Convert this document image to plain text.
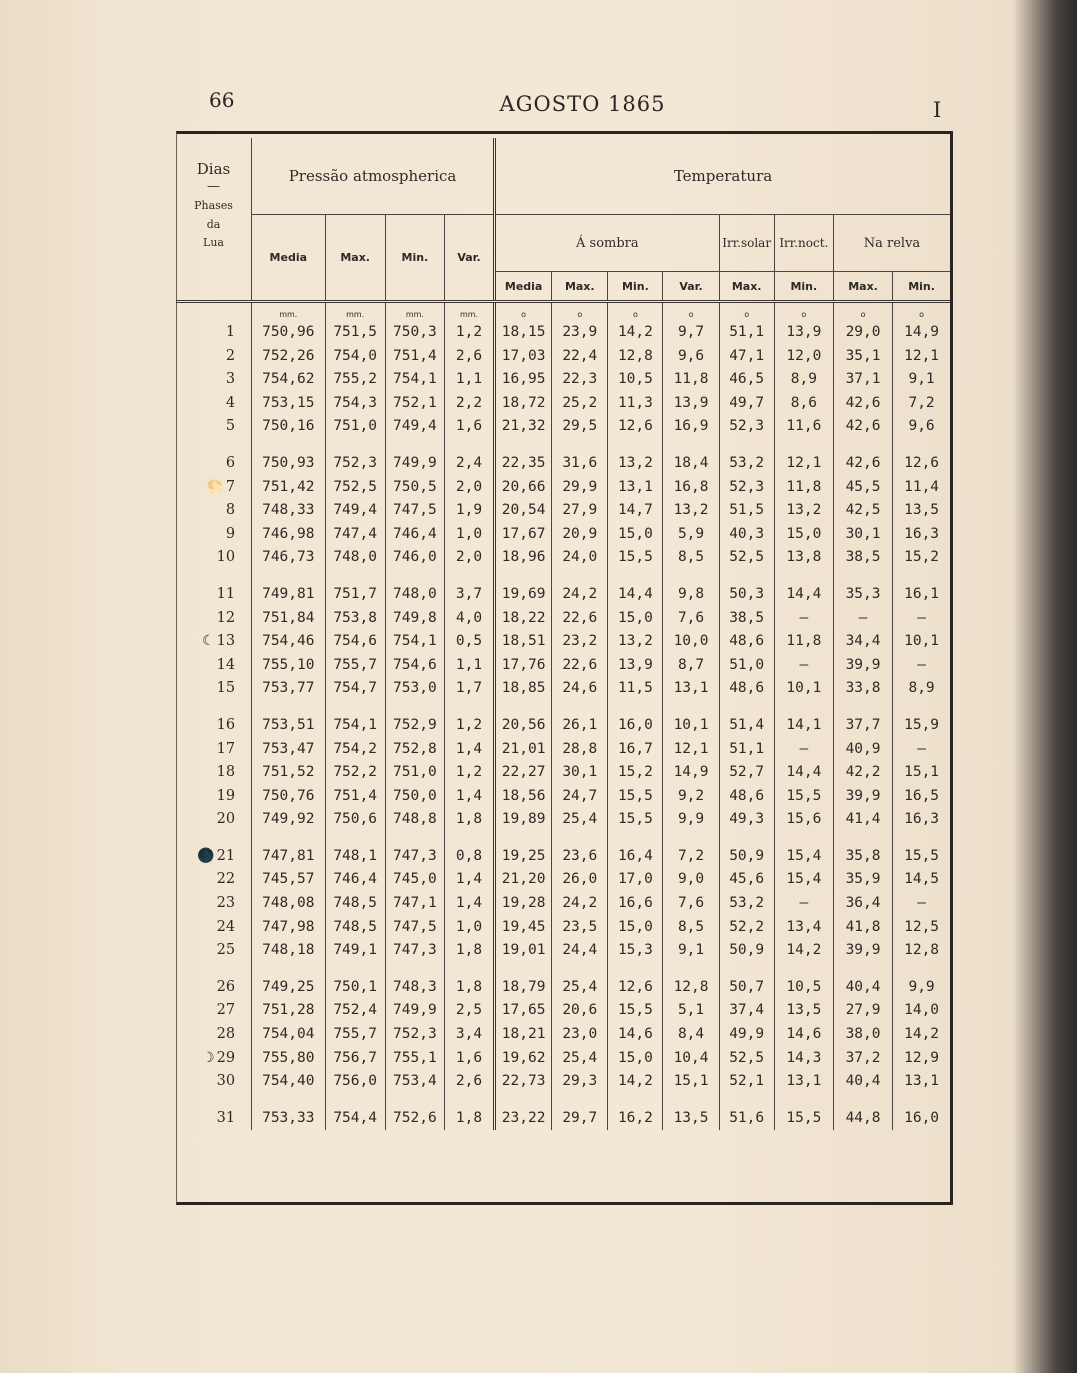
66	AGOSTO 1865	I
Dias
—
Phases
da
Lua	Pressão atmospherica				Temperatura							
	Media	Max.	Min.	Var.	Á sombra				Irr.solar	Irr.noct.	Na relva	
					Media	Max.	Min.	Var.	Max.	Min.	Max.	Min.
	mm.	mm.	mm.	mm.	o	o	o	o	o	o	o	o
1	750,96	751,5	750,3	1,2	18,15	23,9	14,2	9,7	51,1	13,9	29,0	14,9
2	752,26	754,0	751,4	2,6	17,03	22,4	12,8	9,6	47,1	12,0	35,1	12,1
3	754,62	755,2	754,1	1,1	16,95	22,3	10,5	11,8	46,5	8,9	37,1	9,1
4	753,15	754,3	752,1	2,2	18,72	25,2	11,3	13,9	49,7	8,6	42,6	7,2
5	750,16	751,0	749,4	1,6	21,32	29,5	12,6	16,9	52,3	11,6	42,6	9,6

6	750,93	752,3	749,9	2,4	22,35	31,6	13,2	18,4	53,2	12,1	42,6	12,6
🌕 7	751,42	752,5	750,5	2,0	20,66	29,9	13,1	16,8	52,3	11,8	45,5	11,4
8	748,33	749,4	747,5	1,9	20,54	27,9	14,7	13,2	51,5	13,2	42,5	13,5
9	746,98	747,4	746,4	1,0	17,67	20,9	15,0	5,9	40,3	15,0	30,1	16,3
10	746,73	748,0	746,0	2,0	18,96	24,0	15,5	8,5	52,5	13,8	38,5	15,2

11	749,81	751,7	748,0	3,7	19,69	24,2	14,4	9,8	50,3	14,4	35,3	16,1
12	751,84	753,8	749,8	4,0	18,22	22,6	15,0	7,6	38,5	—	—	—
☾ 13	754,46	754,6	754,1	0,5	18,51	23,2	13,2	10,0	48,6	11,8	34,4	10,1
14	755,10	755,7	754,6	1,1	17,76	22,6	13,9	8,7	51,0	—	39,9	—
15	753,77	754,7	753,0	1,7	18,85	24,6	11,5	13,1	48,6	10,1	33,8	8,9

16	753,51	754,1	752,9	1,2	20,56	26,1	16,0	10,1	51,4	14,1	37,7	15,9
17	753,47	754,2	752,8	1,4	21,01	28,8	16,7	12,1	51,1	—	40,9	—
18	751,52	752,2	751,0	1,2	22,27	30,1	15,2	14,9	52,7	14,4	42,2	15,1
19	750,76	751,4	750,0	1,4	18,56	24,7	15,5	9,2	48,6	15,5	39,9	16,5
20	749,92	750,6	748,8	1,8	19,89	25,4	15,5	9,9	49,3	15,6	41,4	16,3

🌑 21	747,81	748,1	747,3	0,8	19,25	23,6	16,4	7,2	50,9	15,4	35,8	15,5
22	745,57	746,4	745,0	1,4	21,20	26,0	17,0	9,0	45,6	15,4	35,9	14,5
23	748,08	748,5	747,1	1,4	19,28	24,2	16,6	7,6	53,2	—	36,4	—
24	747,98	748,5	747,5	1,0	19,45	23,5	15,0	8,5	52,2	13,4	41,8	12,5
25	748,18	749,1	747,3	1,8	19,01	24,4	15,3	9,1	50,9	14,2	39,9	12,8

26	749,25	750,1	748,3	1,8	18,79	25,4	12,6	12,8	50,7	10,5	40,4	9,9
27	751,28	752,4	749,9	2,5	17,65	20,6	15,5	5,1	37,4	13,5	27,9	14,0
28	754,04	755,7	752,3	3,4	18,21	23,0	14,6	8,4	49,9	14,6	38,0	14,2
☽ 29	755,80	756,7	755,1	1,6	19,62	25,4	15,0	10,4	52,5	14,3	37,2	12,9
30	754,40	756,0	753,4	2,6	22,73	29,3	14,2	15,1	52,1	13,1	40,4	13,1

31	753,33	754,4	752,6	1,8	23,22	29,7	16,2	13,5	51,6	15,5	44,8	16,0
